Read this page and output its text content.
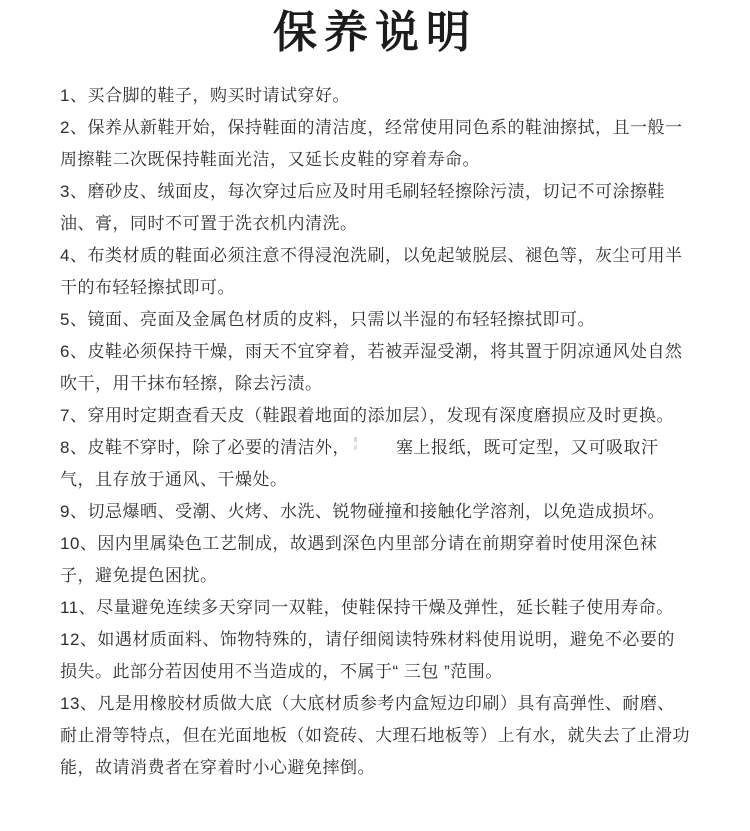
保养说明

1、买合脚的鞋子，购买时请试穿好。

2、保养从新鞋开始，保持鞋面的清洁度，经常使用同色系的鞋油擦拭，且一般一周擦鞋二次既保持鞋面光洁，又延长皮鞋的穿着寿命。

3、磨砂皮、绒面皮，每次穿过后应及时用毛刷轻轻擦除污渍，切记不可涂擦鞋油、膏，同时不可置于洗衣机内清洗。

4、布类材质的鞋面必须注意不得浸泡洗刷，以免起皱脱层、褪色等，灰尘可用半干的布轻轻擦拭即可。

5、镜面、亮面及金属色材质的皮料，只需以半湿的布轻轻擦拭即可。

6、皮鞋必须保持干燥，雨天不宜穿着，若被弄湿受潮，将其置于阴凉通风处自然吹干，用干抹布轻擦，除去污渍。

7、穿用时定期查看天皮（鞋跟着地面的添加层），发现有深度磨损应及时更换。

8、皮鞋不穿时，除了必要的清洁外，	塞上报纸，既可定型，又可吸取汗气，且存放于通风、干燥处。

9、切忌爆晒、受潮、火烤、水洗、锐物碰撞和接触化学溶剂，以免造成损坏。

10、因内里属染色工艺制成，故遇到深色内里部分请在前期穿着时使用深色袜子，避免提色困扰。

11、尽量避免连续多天穿同一双鞋，使鞋保持干燥及弹性，延长鞋子使用寿命。

12、如遇材质面料、饰物特殊的，请仔细阅读特殊材料使用说明，避免不必要的损失。此部分若因使用不当造成的，不属于“ 三包 ”范围。

13、凡是用橡胶材质做大底（大底材质参考内盒短边印刷）具有高弹性、耐磨、耐止滑等特点，但在光面地板（如瓷砖、大理石地板等）上有水，就失去了止滑功能，故请消费者在穿着时小心避免摔倒。
